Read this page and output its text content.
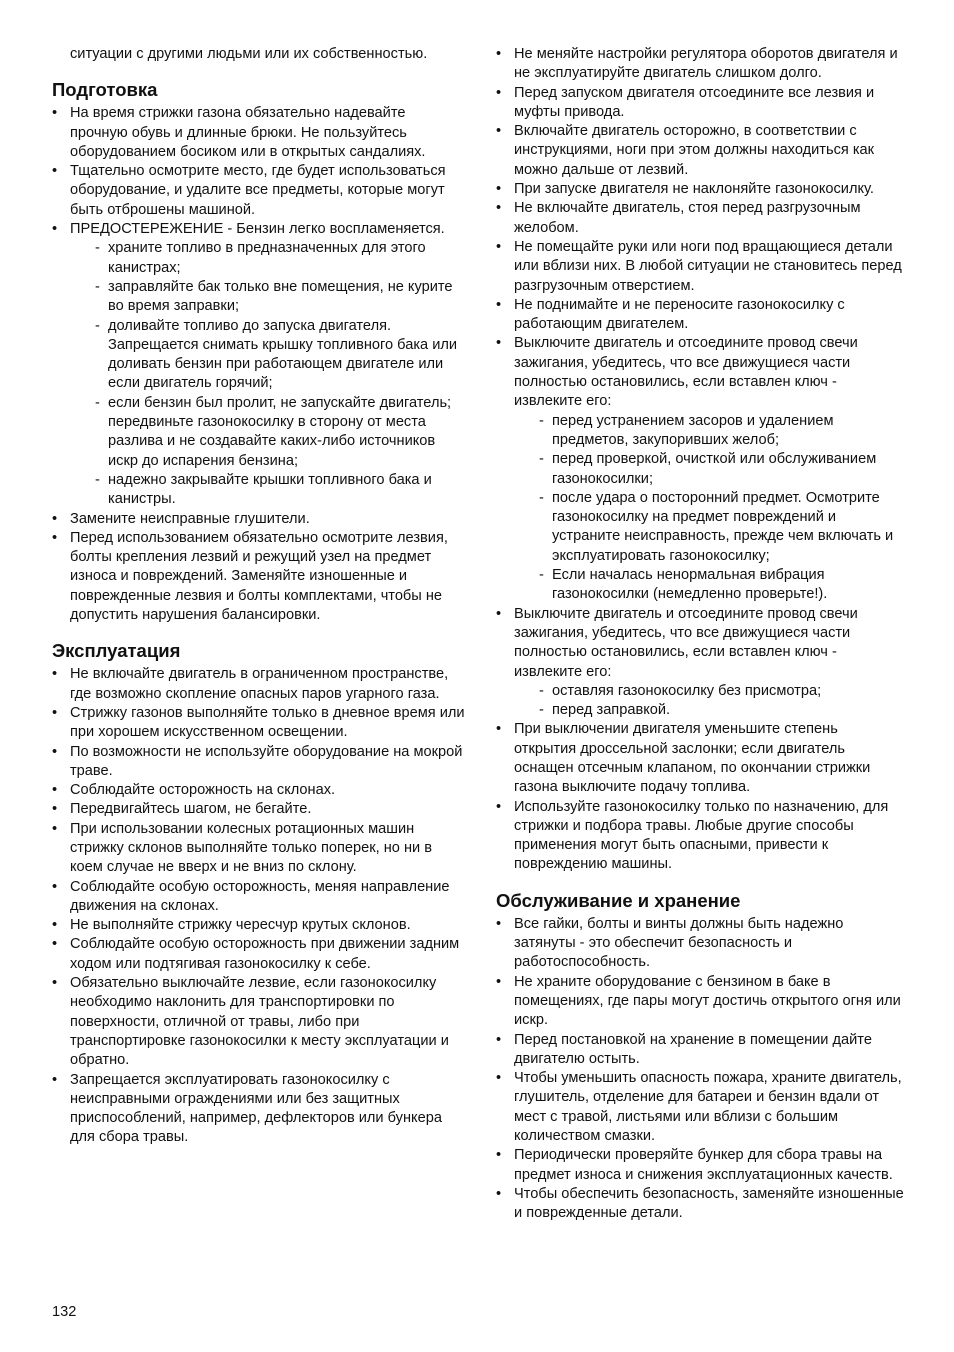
ситуации с другими людьми или их собственностью.
Подготовка
• На время стрижки газона обязательно надевайте прочную обувь и длинные брюки. Не пользуйтесь оборудованием босиком или в открытых сандалиях.
• Тщательно осмотрите место, где будет использоваться оборудование, и удалите все предметы, которые могут быть отброшены машиной.
• ПРЕДОСТЕРЕЖЕНИЕ - Бензин легко воспламеняется.
- храните топливо в предназначенных для этого канистрах;
- заправляйте бак только вне помещения, не курите во время заправки;
- доливайте топливо до запуска двигателя. Запрещается снимать крышку топливного бака или доливать бензин при работающем двигателе или если двигатель горячий;
- если бензин был пролит, не запускайте двигатель; передвиньте газонокосилку в сторону от места разлива и не создавайте каких-либо источников искр до испарения бензина;
- надежно закрывайте крышки топливного бака и канистры.
• Замените неисправные глушители.
• Перед использованием обязательно осмотрите лезвия, болты крепления лезвий и режущий узел на предмет износа и повреждений. Заменяйте изношенные и поврежденные лезвия и болты комплектами, чтобы не допустить нарушения балансировки.
Эксплуатация
• Не включайте двигатель в ограниченном пространстве, где возможно скопление опасных паров угарного газа.
• Стрижку газонов выполняйте только в дневное время или при хорошем искусственном освещении.
• По возможности не используйте оборудование на мокрой траве.
• Соблюдайте осторожность на склонах.
• Передвигайтесь шагом, не бегайте.
• При использовании колесных ротационных машин стрижку склонов выполняйте только поперек, но ни в коем случае не вверх и не вниз по склону.
• Соблюдайте особую осторожность, меняя направление движения на склонах.
• Не выполняйте стрижку чересчур крутых склонов.
• Соблюдайте особую осторожность при движении задним ходом или подтягивая газонокосилку к себе.
• Обязательно выключайте лезвие, если газонокосилку необходимо наклонить для транспортировки по поверхности, отличной от травы, либо при транспортировке газонокосилки к месту эксплуатации и обратно.
• Запрещается эксплуатировать газонокосилку с неисправными ограждениями или без защитных приспособлений, например, дефлекторов или бункера для сбора травы.
• Не меняйте настройки регулятора оборотов двигателя и не эксплуатируйте двигатель слишком долго.
• Перед запуском двигателя отсоедините все лезвия и муфты привода.
• Включайте двигатель осторожно, в соответствии с инструкциями, ноги при этом должны находиться как можно дальше от лезвий.
• При запуске двигателя не наклоняйте газонокосилку.
• Не включайте двигатель, стоя перед разгрузочным желобом.
• Не помещайте руки или ноги под вращающиеся детали или вблизи них. В любой ситуации не становитесь перед разгрузочным отверстием.
• Не поднимайте и не переносите газонокосилку с работающим двигателем.
• Выключите двигатель и отсоедините провод свечи зажигания, убедитесь, что все движущиеся части полностью остановились, если вставлен ключ - извлеките его:
- перед устранением засоров и удалением предметов, закупоривших желоб;
- перед проверкой, очисткой или обслуживанием газонокосилки;
- после удара о посторонний предмет. Осмотрите газонокосилку на предмет повреждений и устраните неисправность, прежде чем включать и эксплуатировать газонокосилку;
- Если началась ненормальная вибрация газонокосилки (немедленно проверьте!).
• Выключите двигатель и отсоедините провод свечи зажигания, убедитесь, что все движущиеся части полностью остановились, если вставлен ключ - извлеките его:
- оставляя газонокосилку без присмотра;
- перед заправкой.
• При выключении двигателя уменьшите степень открытия дроссельной заслонки; если двигатель оснащен отсечным клапаном, по окончании стрижки газона выключите подачу топлива.
• Используйте газонокосилку только по назначению, для стрижки и подбора травы. Любые другие способы применения могут быть опасными, привести к повреждению машины.
Обслуживание и хранение
• Все гайки, болты и винты должны быть надежно затянуты - это обеспечит безопасность и работоспособность.
• Не храните оборудование с бензином в баке в помещениях, где пары могут достичь открытого огня или искр.
• Перед постановкой на хранение в помещении дайте двигателю остыть.
• Чтобы уменьшить опасность пожара, храните двигатель, глушитель, отделение для батареи и бензин вдали от мест с травой, листьями или вблизи с большим количеством смазки.
• Периодически проверяйте бункер для сбора травы на предмет износа и снижения эксплуатационных качеств.
• Чтобы обеспечить безопасность, заменяйте изношенные и поврежденные детали.
132
